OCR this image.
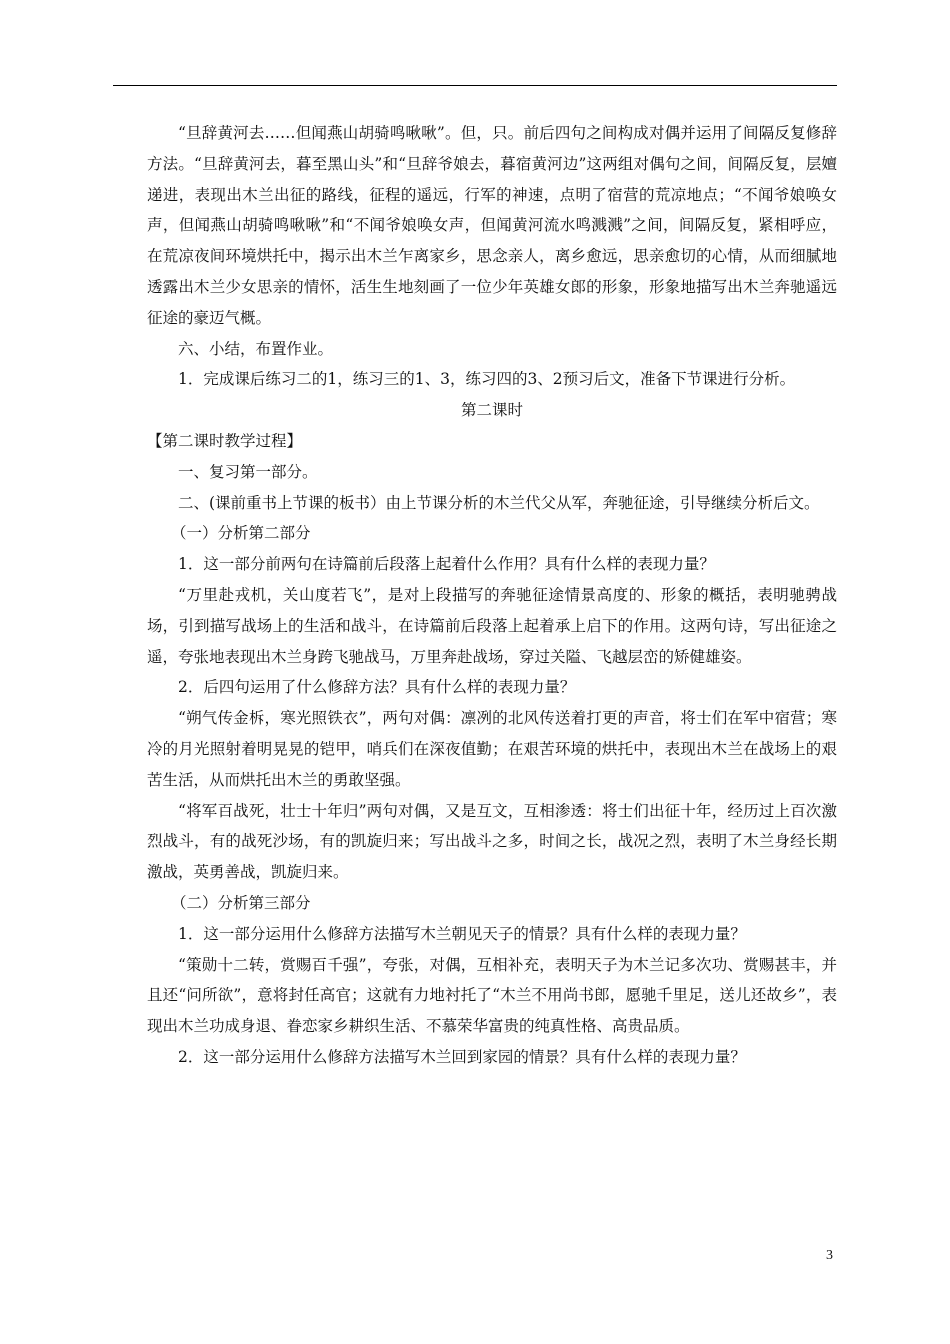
“旦辞黄河去……但闻燕山胡骑鸣啾啾”。但，只。前后四句之间构成对偶并运用了间隔反复修辞方法。“旦辞黄河去，暮至黑山头”和“旦辞爷娘去，暮宿黄河边”这两组对偶句之间，间隔反复，层嬗递进，表现出木兰出征的路线，征程的遥远，行军的神速，点明了宿营的荒凉地点；“不闻爷娘唤女声，但闻燕山胡骑鸣啾啾”和“不闻爷娘唤女声，但闻黄河流水鸣溅溅”之间，间隔反复，紧相呼应，在荒凉夜间环境烘托中，揭示出木兰乍离家乡，思念亲人，离乡愈远，思亲愈切的心情，从而细腻地透露出木兰少女思亲的情怀，活生生地刻画了一位少年英雄女郎的形象，形象地描写出木兰奔驰遥远征途的豪迈气概。

六、小结，布置作业。

1．完成课后练习二的1，练习三的1、3，练习四的3、2预习后文，准备下节课进行分析。

第二课时

【第二课时教学过程】

一、复习第一部分。

二、(课前重书上节课的板书）由上节课分析的木兰代父从军，奔驰征途，引导继续分析后文。

（一）分析第二部分

1．这一部分前两句在诗篇前后段落上起着什么作用？具有什么样的表现力量？

“万里赴戎机，关山度若飞”，是对上段描写的奔驰征途情景高度的、形象的概括，表明驰骋战场，引到描写战场上的生活和战斗，在诗篇前后段落上起着承上启下的作用。这两句诗，写出征途之遥，夸张地表现出木兰身跨飞驰战马，万里奔赴战场，穿过关隘、飞越层峦的矫健雄姿。

2．后四句运用了什么修辞方法？具有什么样的表现力量？

“朔气传金柝，寒光照铁衣”，两句对偶：凛冽的北风传送着打更的声音，将士们在军中宿营；寒冷的月光照射着明晃晃的铠甲，哨兵们在深夜值勤；在艰苦环境的烘托中，表现出木兰在战场上的艰苦生活，从而烘托出木兰的勇敢坚强。

“将军百战死，壮士十年归”两句对偶，又是互文，互相渗透：将士们出征十年，经历过上百次激烈战斗，有的战死沙场，有的凯旋归来；写出战斗之多，时间之长，战况之烈，表明了木兰身经长期激战，英勇善战，凯旋归来。

（二）分析第三部分

1．这一部分运用什么修辞方法描写木兰朝见天子的情景？具有什么样的表现力量？

“策勋十二转，赏赐百千强”，夸张，对偶，互相补充，表明天子为木兰记多次功、赏赐甚丰，并且还“问所欲”，意将封任高官；这就有力地衬托了“木兰不用尚书郎，愿驰千里足，送儿还故乡”，表现出木兰功成身退、眷恋家乡耕织生活、不慕荣华富贵的纯真性格、高贵品质。

2．这一部分运用什么修辞方法描写木兰回到家园的情景？具有什么样的表现力量？

3
